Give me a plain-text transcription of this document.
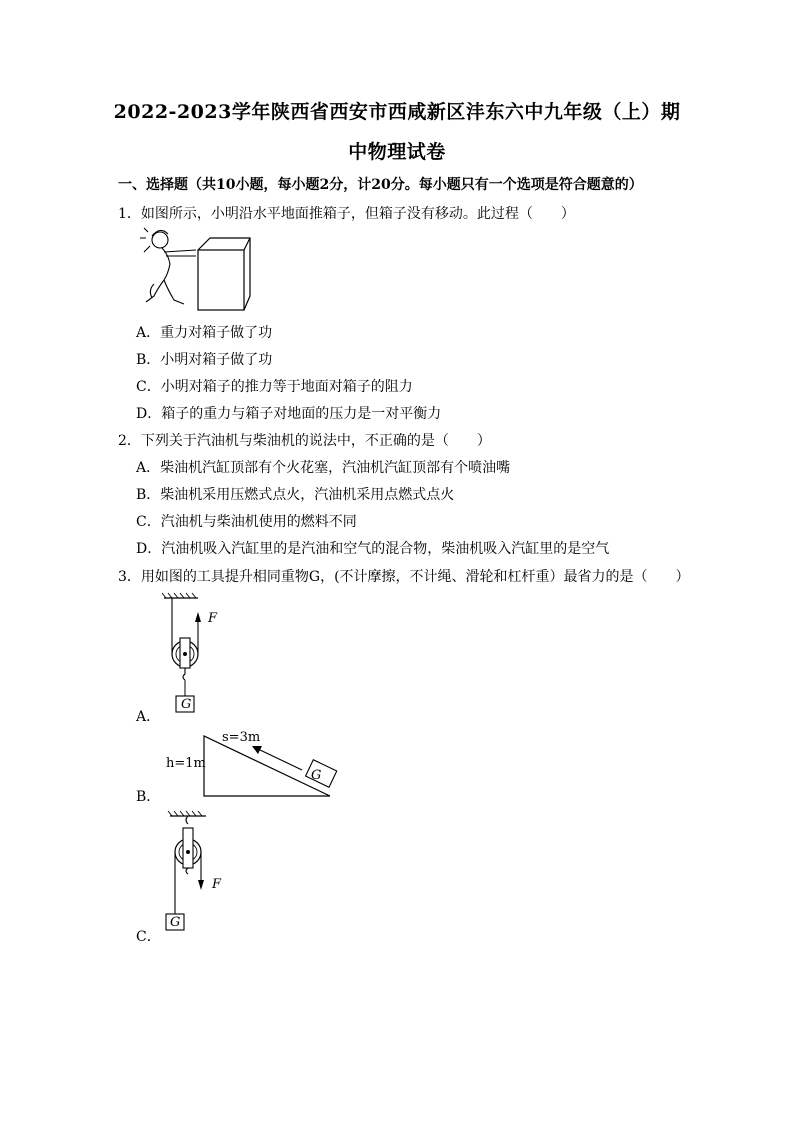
2022-2023学年陕西省西安市西咸新区沣东六中九年级（上）期
中物理试卷
一、选择题（共10小题，每小题2分，计20分。每小题只有一个选项是符合题意的）
1．如图所示，小明沿水平地面推箱子，但箱子没有移动。此过程（　　）
A．重力对箱子做了功
B．小明对箱子做了功
C．小明对箱子的推力等于地面对箱子的阻力
D．箱子的重力与箱子对地面的压力是一对平衡力
2．下列关于汽油机与柴油机的说法中，不正确的是（　　）
A．柴油机汽缸顶部有个火花塞，汽油机汽缸顶部有个喷油嘴
B．柴油机采用压燃式点火，汽油机采用点燃式点火
C．汽油机与柴油机使用的燃料不同
D．汽油机吸入汽缸里的是汽油和空气的混合物，柴油机吸入汽缸里的是空气
3．用如图的工具提升相同重物G，(不计摩擦，不计绳、滑轮和杠杆重）最省力的是（　　）
A．
F
G
B．
s=3m
h=1m
G
C．
F
G
